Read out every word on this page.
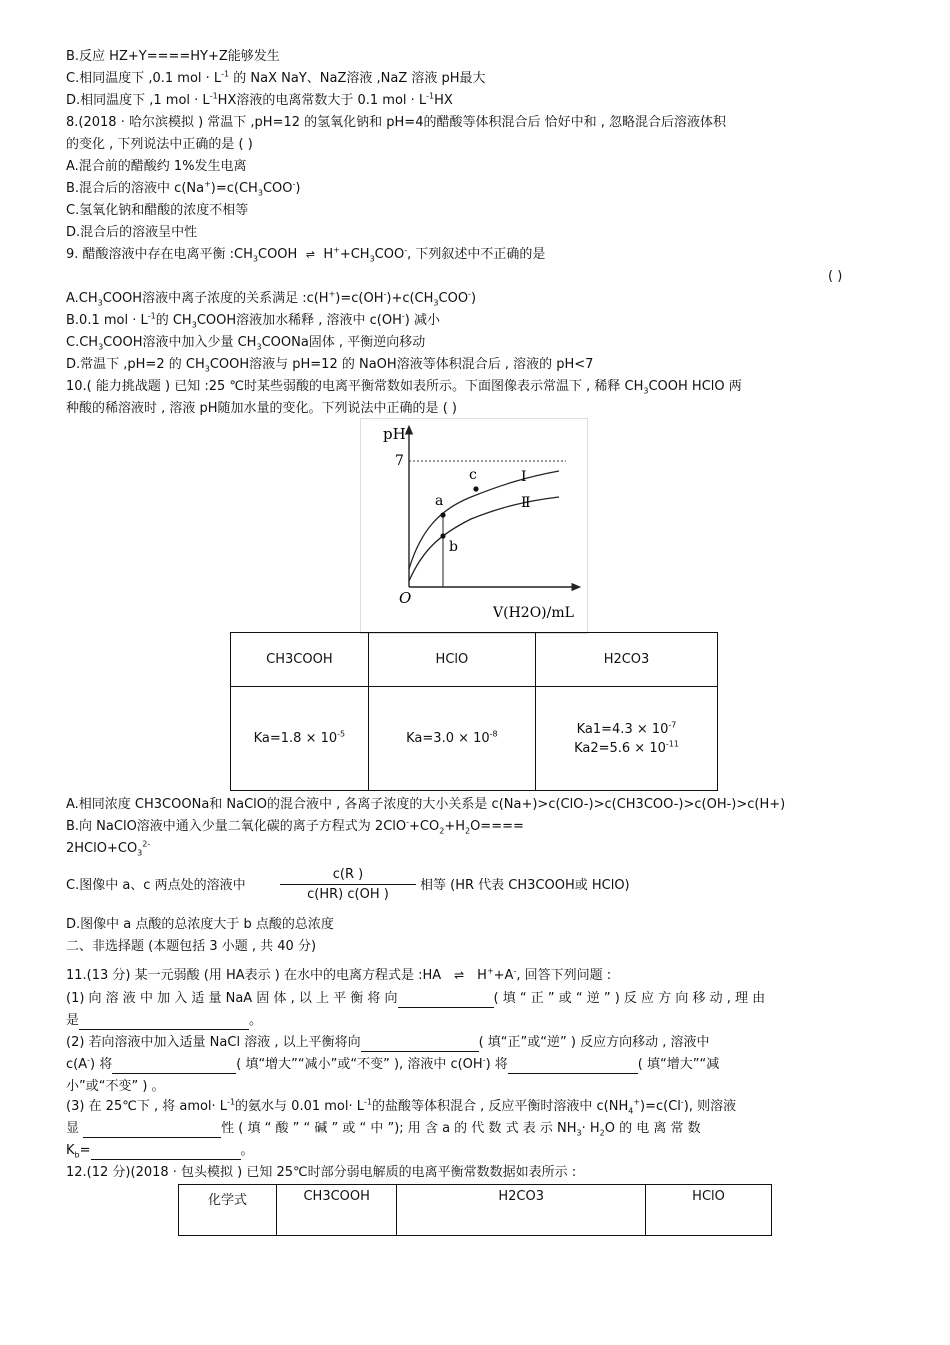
B.反应 HZ+Y====HY+Z能够发生
C.相同温度下 ,0.1 mol · $L^{-1}$ 的 NaX NaY、NaZ溶液 ,NaZ 溶液 pH最大
D.相同温度下 ,1 mol · $L^{-1}HX$溶液的电离常数大于 0.1 mol · $L^{-1}HX$
8.(2018 · 哈尔滨模拟 ) 常温下 ,pH=12 的氢氧化钠和 pH=4的醋酸等体积混合后 恰好中和 , 忽略混合后溶液体积
的变化 , 下列说法中正确的是 ( )
A.混合前的醋酸约 1%发生电离
B.混合后的溶液中 $c(Na^+)=c(CH_3COO^-)$
C.氢氧化钠和醋酸的浓度不相等
D.混合后的溶液呈中性
9. 醋酸溶液中存在电离平衡 $:CH_3COOH$ ⇌ $H^++CH_3COO^-$, 下列叙述中不正确的是
( )
$A.CH_3COOH$溶液中离子浓度的关系满足 $:c(H^+)=c(OH^-)+c(CH_3COO^-)$
B.0.1 mol · $L^{-1}$的 $CH_3COOH$溶液加水稀释 , 溶液中 c(OH-) 减小
$C.CH_3COOH$溶液中加入少量 $CH_3COONa$固体 , 平衡逆向移动
D.常温下 ,pH=2 的 $CH_3COOH$溶液与 pH=12 的 NaOH溶液等体积混合后 , 溶液的 pH<7
10.( 能力挑战题 ) 已知 :25 ℃时某些弱酸的电离平衡常数如表所示。下面图像表示常温下 , 稀释 $CH_3COOH$ HClO 两
种酸的稀溶液时 , 溶液 pH随加水量的变化。下列说法中正确的是 ( )
pH
7
O
V(H2O)/mL
Ⅰ
Ⅱ
a
b
c
CH3COOH	HClO	H2CO3
$Ka=1.8 \times 10^{-5}$	$Ka=3.0 \times 10^{-8}$	$Ka1=4.3 \times 10^{-7}$
$Ka2=5.6 \times 10^{-11}$
A.相同浓度 CH3COONa和 NaClO的混合液中 , 各离子浓度的大小关系是 c(Na+)>c(ClO-)>c(CH3COO-)>c(OH-)>c(H+)
B.向 NaClO溶液中通入少量二氧化碳的离子方程式为 $2ClO^-+CO_2+H_2O====$
$2HClO+CO_3^{2-}$
C.图像中 a、c 两点处的溶液中	$\frac{c(R )}{c(HR) c(OH )}$ 相等 (HR 代表 CH3COOH或 HClO)
D.图像中 a 点酸的总浓度大于 b 点酸的总浓度
二、非选择题 (本题包括 3 小题 , 共 40 分)
11.(13 分) 某一元弱酸 (用 HA表示 ) 在水中的电离方程式是 :HA ⇌ H++A-, 回答下列问题 :
(1) 向 溶 液 中 加 入 适 量 NaA 固 体 , 以 上 平 衡 将 向	( 填 “ 正 ” 或 “ 逆 ” ) 反 应 方 向 移 动 , 理 由
是	。
(2) 若向溶液中加入适量 NaCl 溶液 , 以上平衡将向	( 填“正”或“逆” ) 反应方向移动 , 溶液中
c(A-) 将	( 填“增大”“减小”或“不变” ), 溶液中 c(OH-) 将	( 填“增大”“减
小”或“不变” ) 。
(3) 在 25℃下 , 将 amol· $L^{-1}$的氨水与 0.01 $mol\cdot L^{-1}$的盐酸等体积混合 , 反应平衡时溶液中 $c(NH_4^+)=c(Cl^-)$, 则溶液
显	性 ( 填 “ 酸 ” “ 碱 ” 或 “ 中 ”); 用 含 a 的 代 数 式 表 示 $NH_3\cdot H_2O$ 的 电 离 常 数
$K_b=$	。
12.(12 分)(2018 · 包头模拟 ) 已知 25℃时部分弱电解质的电离平衡常数数据如表所示 :
化学式	CH3COOH	H2CO3	HClO
